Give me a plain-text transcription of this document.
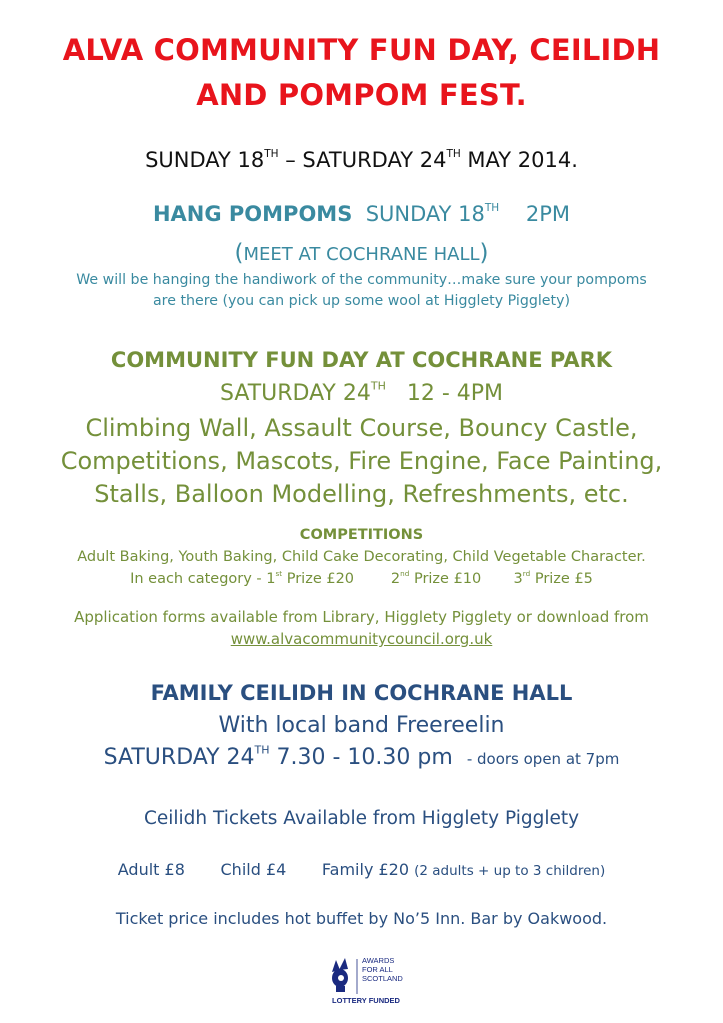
ALVA COMMUNITY FUN DAY, CEILIDH
AND POMPOM FEST.
SUNDAY 18TH – SATURDAY 24TH MAY 2014.
HANG POMPOMS SUNDAY 18TH 2PM
(MEET AT COCHRANE HALL)
We will be hanging the handiwork of the community…make sure your pompoms
are there (you can pick up some wool at Higglety Pigglety)
COMMUNITY FUN DAY AT COCHRANE PARK
SATURDAY 24TH 12 - 4PM
Climbing Wall, Assault Course, Bouncy Castle,
Competitions, Mascots, Fire Engine, Face Painting,
Stalls, Balloon Modelling, Refreshments, etc.
COMPETITIONS
Adult Baking, Youth Baking, Child Cake Decorating, Child Vegetable Character.
In each category - 1st Prize £20	2nd Prize £10 3rd Prize £5
Application forms available from Library, Higglety Pigglety or download from
www.alvacommunitycouncil.org.uk
FAMILY CEILIDH IN COCHRANE HALL
With local band Freereelin
SATURDAY 24TH 7.30 - 10.30 pm - doors open at 7pm
Ceilidh Tickets Available from Higglety Pigglety
Adult £8 Child £4 Family £20 (2 adults + up to 3 children)
Ticket price includes hot buffet by No’5 Inn. Bar by Oakwood.
AWARDS
FOR ALL
SCOTLAND
LOTTERY FUNDED
